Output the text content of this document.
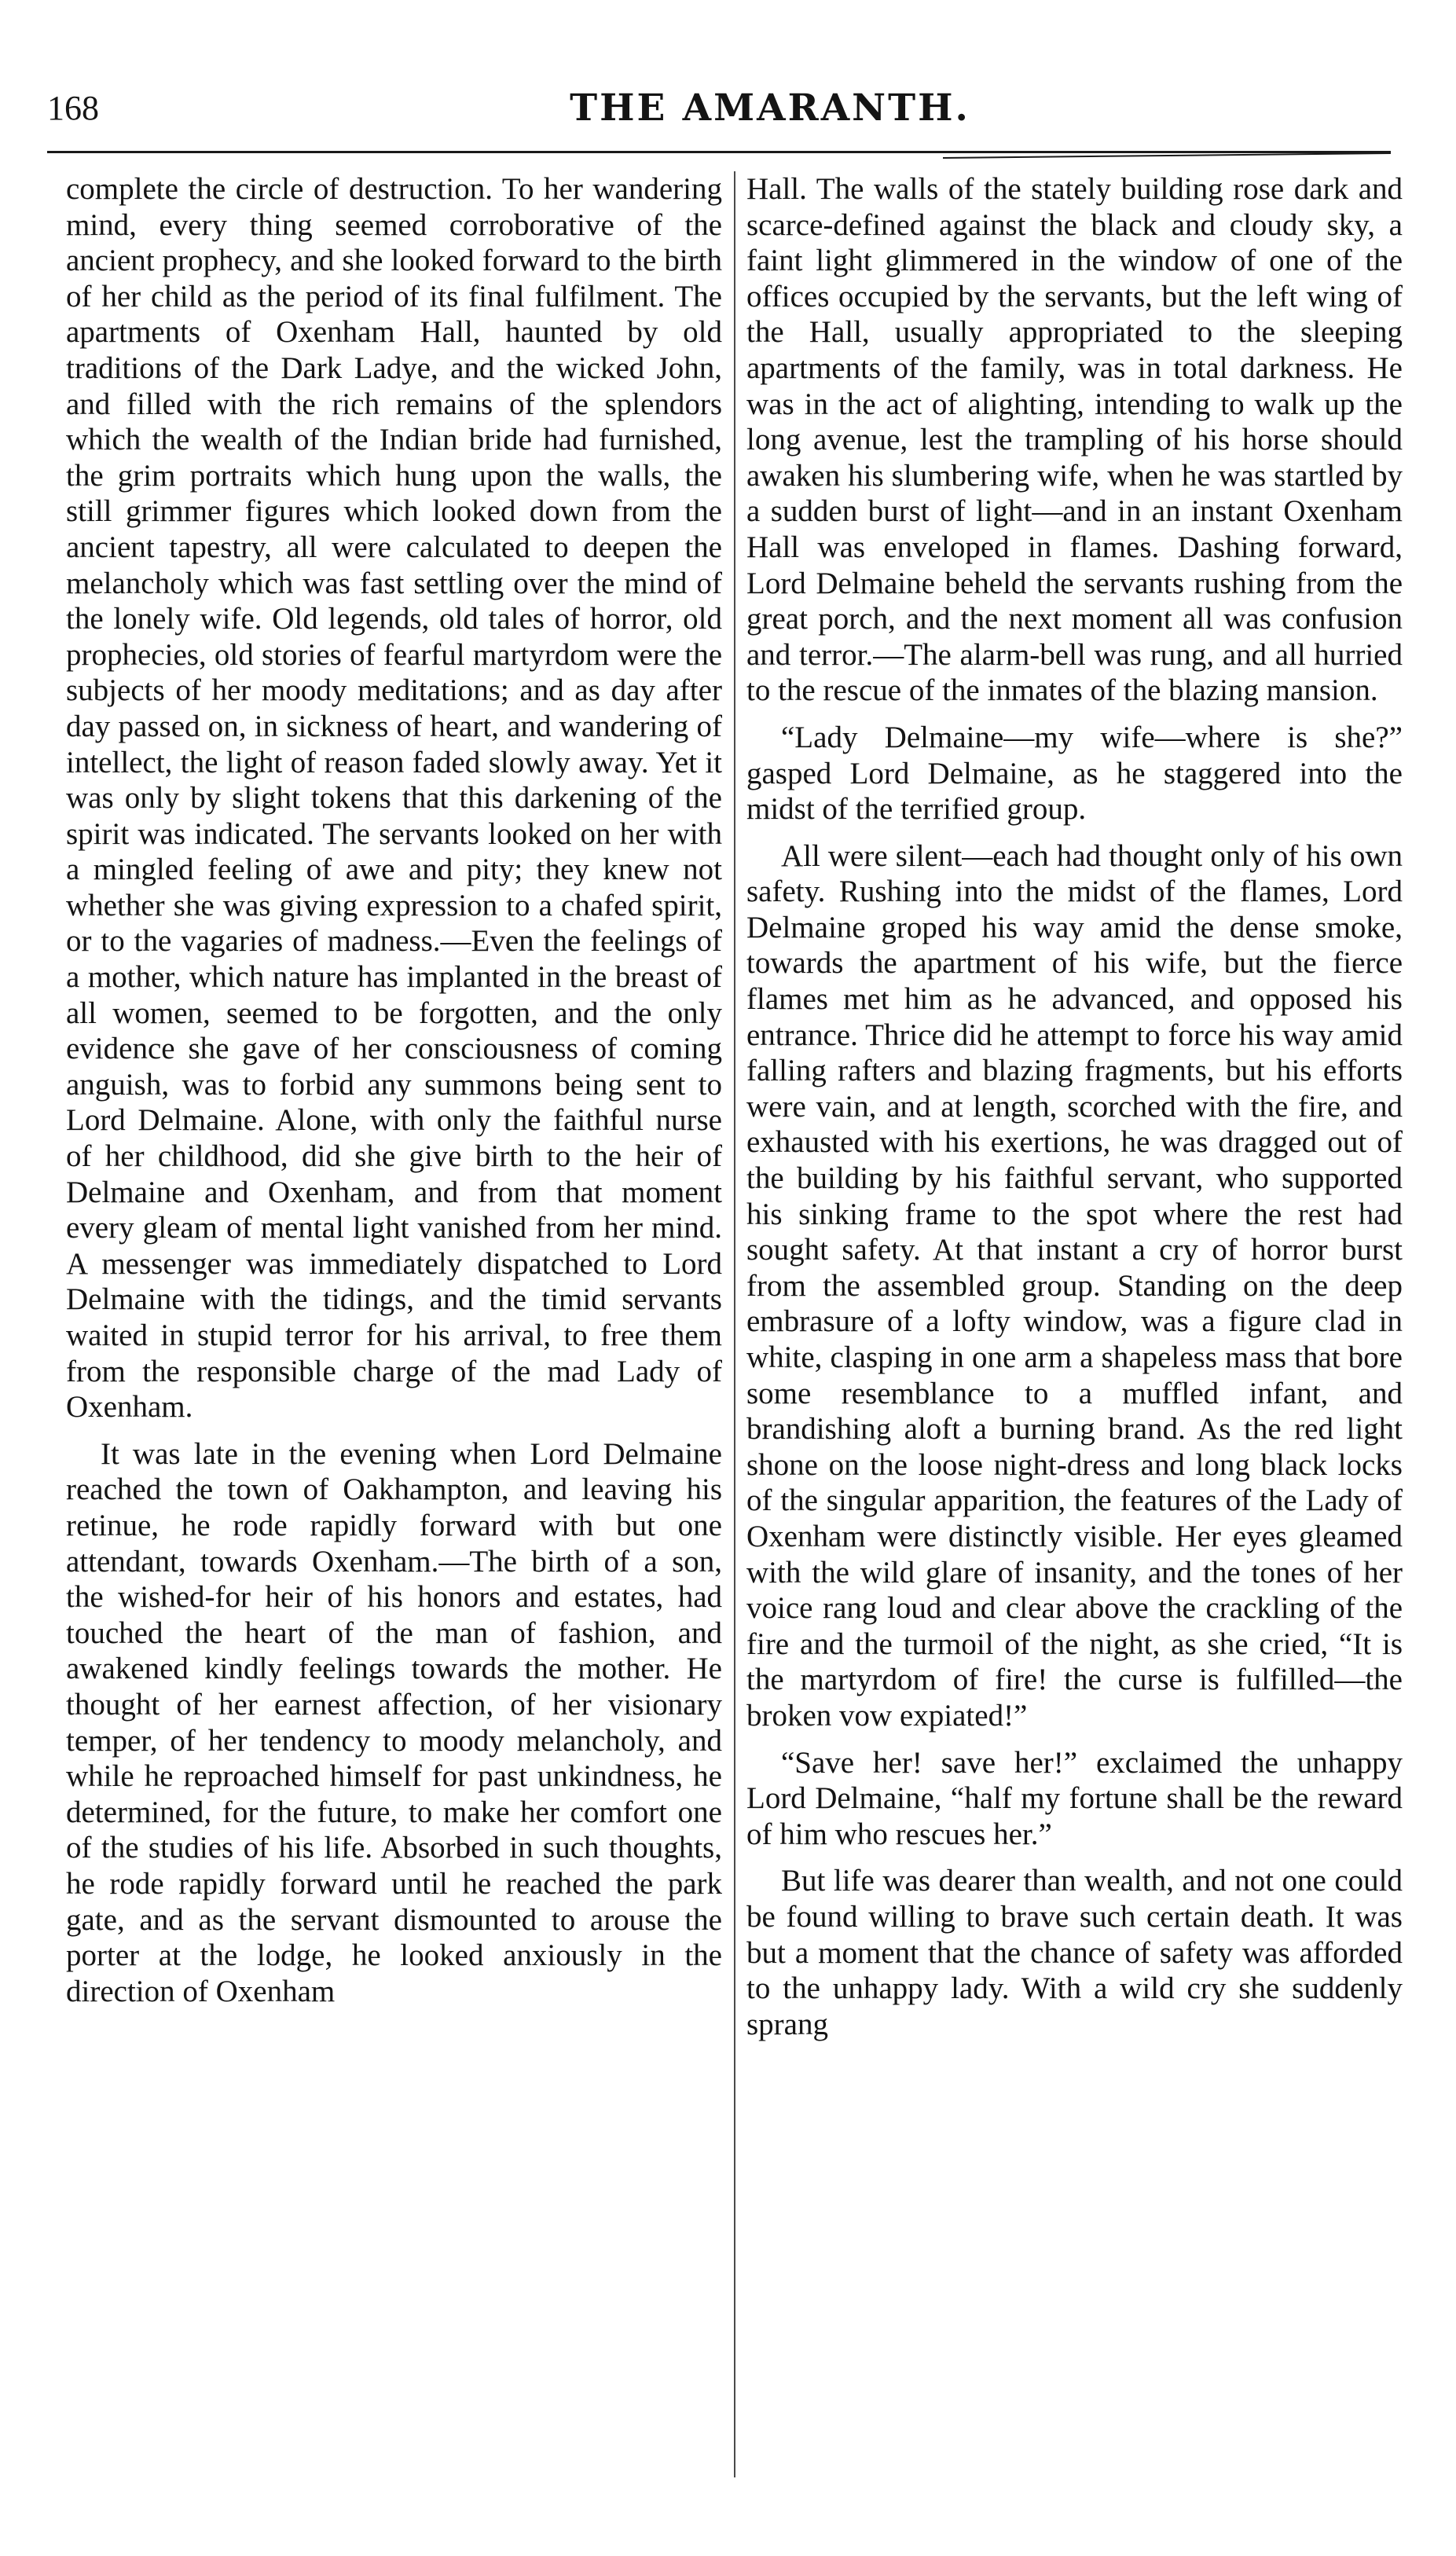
168	THE AMARANTH.

complete the circle of destruction. To her wandering mind, every thing seemed corroborative of the ancient prophecy, and she looked forward to the birth of her child as the period of its final fulfilment. The apartments of Oxenham Hall, haunted by old traditions of the Dark Ladye, and the wicked John, and filled with the rich remains of the splendors which the wealth of the Indian bride had furnished, the grim portraits which hung upon the walls, the still grimmer figures which looked down from the ancient tapestry, all were calculated to deepen the melancholy which was fast settling over the mind of the lonely wife. Old legends, old tales of horror, old prophecies, old stories of fearful martyrdom were the subjects of her moody meditations; and as day after day passed on, in sickness of heart, and wandering of intellect, the light of reason faded slowly away. Yet it was only by slight tokens that this darkening of the spirit was indicated. The servants looked on her with a mingled feeling of awe and pity; they knew not whether she was giving expression to a chafed spirit, or to the vagaries of madness.—Even the feelings of a mother, which nature has implanted in the breast of all women, seemed to be forgotten, and the only evidence she gave of her consciousness of coming anguish, was to forbid any summons being sent to Lord Delmaine. Alone, with only the faithful nurse of her childhood, did she give birth to the heir of Delmaine and Oxenham, and from that moment every gleam of mental light vanished from her mind. A messenger was immediately dispatched to Lord Delmaine with the tidings, and the timid servants waited in stupid terror for his arrival, to free them from the responsible charge of the mad Lady of Oxenham.

It was late in the evening when Lord Delmaine reached the town of Oakhampton, and leaving his retinue, he rode rapidly forward with but one attendant, towards Oxenham.—The birth of a son, the wished-for heir of his honors and estates, had touched the heart of the man of fashion, and awakened kindly feelings towards the mother. He thought of her earnest affection, of her visionary temper, of her tendency to moody melancholy, and while he reproached himself for past unkindness, he determined, for the future, to make her comfort one of the studies of his life. Absorbed in such thoughts, he rode rapidly forward until he reached the park gate, and as the servant dismounted to arouse the porter at the lodge, he looked anxiously in the direction of Oxenham

Hall. The walls of the stately building rose dark and scarce-defined against the black and cloudy sky, a faint light glimmered in the window of one of the offices occupied by the servants, but the left wing of the Hall, usually appropriated to the sleeping apartments of the family, was in total darkness. He was in the act of alighting, intending to walk up the long avenue, lest the trampling of his horse should awaken his slumbering wife, when he was startled by a sudden burst of light—and in an instant Oxenham Hall was enveloped in flames. Dashing forward, Lord Delmaine beheld the servants rushing from the great porch, and the next moment all was confusion and terror.—The alarm-bell was rung, and all hurried to the rescue of the inmates of the blazing mansion.

“Lady Delmaine—my wife—where is she?” gasped Lord Delmaine, as he staggered into the midst of the terrified group.

All were silent—each had thought only of his own safety. Rushing into the midst of the flames, Lord Delmaine groped his way amid the dense smoke, towards the apartment of his wife, but the fierce flames met him as he advanced, and opposed his entrance. Thrice did he attempt to force his way amid falling rafters and blazing fragments, but his efforts were vain, and at length, scorched with the fire, and exhausted with his exertions, he was dragged out of the building by his faithful servant, who supported his sinking frame to the spot where the rest had sought safety. At that instant a cry of horror burst from the assembled group. Standing on the deep embrasure of a lofty window, was a figure clad in white, clasping in one arm a shapeless mass that bore some resemblance to a muffled infant, and brandishing aloft a burning brand. As the red light shone on the loose night-dress and long black locks of the singular apparition, the features of the Lady of Oxenham were distinctly visible. Her eyes gleamed with the wild glare of insanity, and the tones of her voice rang loud and clear above the crackling of the fire and the turmoil of the night, as she cried, “It is the martyrdom of fire! the curse is fulfilled—the broken vow expiated!”

“Save her! save her!” exclaimed the unhappy Lord Delmaine, “half my fortune shall be the reward of him who rescues her.”

But life was dearer than wealth, and not one could be found willing to brave such certain death. It was but a moment that the chance of safety was afforded to the unhappy lady. With a wild cry she suddenly sprang
